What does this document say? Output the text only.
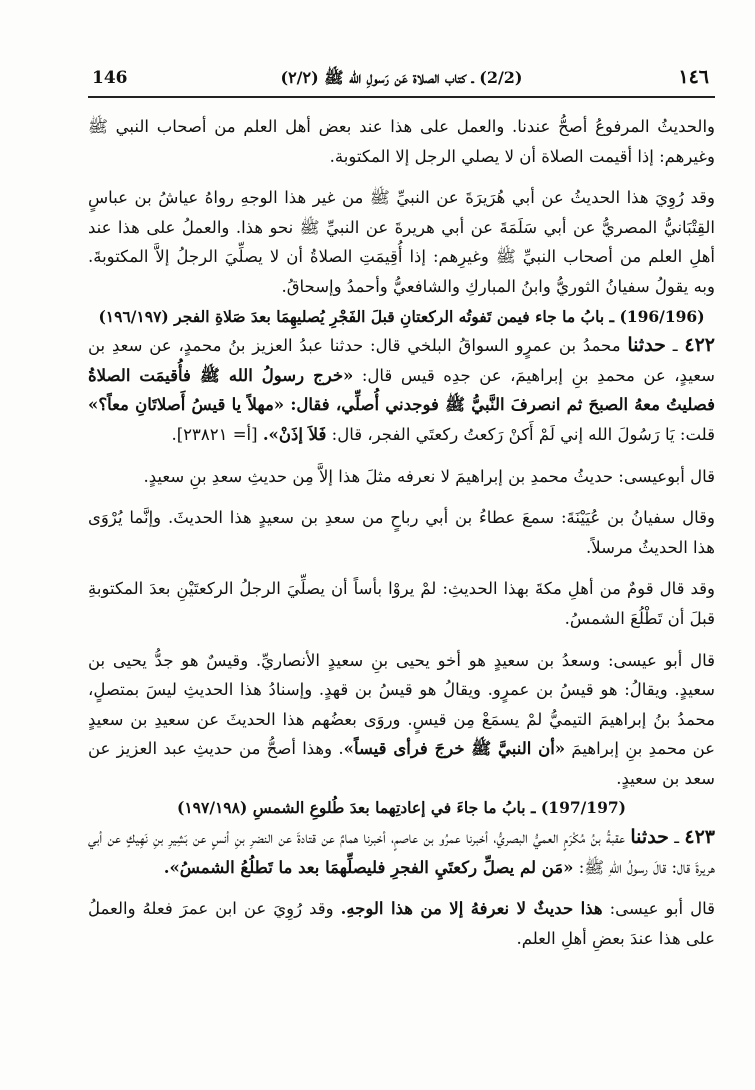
146	(2/2) ـ كتاب الصلاة عَن رَسولِ الله ﷺ (٢/٢)	١٤٦

والحديثُ المرفوعُ أصحُّ عندنا. والعمل على هذا عند بعض أهل العلم من أصحاب النبي ﷺ وغيرهم: إذا أقيمت الصلاة أن لا يصلي الرجل إلا المكتوبة.

وقد رُوِيَ هذا الحديثُ عن أبي هُرَيرَةَ عن النبيِّ ﷺ من غير هذا الوجهِ رواهُ عياشُ بن عباسٍ القِتْبَانيُّ المصريُّ عن أبي سَلَمَةَ عن أبي هريرةَ عن النبيِّ ﷺ نحو هذا. والعملُ على هذا عند أهلِ العلم من أصحاب النبيِّ ﷺ وغيرِهم: إذا أُقِيمَتِ الصلاةُ أن لا يصلِّيَ الرجلُ إلاَّ المكتوبةَ. وبه يقولُ سفيانُ الثوريُّ وابنُ المباركِ والشافعيُّ وأحمدُ وإسحاقُ.

(196/196) ـ بابُ ما جاء فيمن تَفوتُه الركعتانِ قبلَ الفَجْرِ يُصليهِمَا بعدَ صَلاةِ الفجر (١٩٦/١٩٧)

٤٢٢ ـ حدثنا محمدُ بن عمرٍو السواقُ البلخي قال: حدثنا عبدُ العزيز بنُ محمدٍ، عن سعدِ بن سعيدٍ، عن محمدِ بنِ إبراهيمَ، عن جدِه قيس قال: «خرج رسولُ الله ﷺ فأُقيمَت الصلاةُ فصليتُ معهُ الصبحَ ثم انصرفَ النَّبيُّ ﷺ فوجدني أُصلِّي، فقال: «مهلاً يا قيسُ أَصلاتَانِ معاً؟» قلت: يَا رَسُولَ الله إني لَمْ أَكنْ رَكعتُ ركعتَي الفجر، قال: فَلاَ إذَنْ». [أ= ٢٣٨٢١].

قال أبوعيسى: حديثُ محمدِ بن إبراهيمَ لا نعرفه مثلَ هذا إلاَّ مِن حديثِ سعدِ بنِ سعيدٍ.

وقال سفيانُ بن عُيَيْنَةَ: سمعَ عطاءُ بن أبي رباحٍ من سعدِ بن سعيدٍ هذا الحديثَ. وإنَّما يُرْوَى هذا الحديثُ مرسلاً.

وقد قال قومٌ من أهلِ مكةَ بهذا الحديثِ: لمْ يروْا بأساً أن يصلِّيَ الرجلُ الركعتَيْنِ بعدَ المكتوبةِ قبلَ أن تَطْلُعَ الشمسُ.

قال أبو عيسى: وسعدُ بن سعيدٍ هو أخو يحيى بنِ سعيدٍ الأنصاريِّ. وقيسٌ هو جدُّ يحيى بن سعيدٍ. ويقالُ: هو قيسُ بن عمرٍو. ويقالُ هو قيسُ بن قهدٍ. وإسنادُ هذا الحديثِ ليسَ بمتصلٍ، محمدُ بنُ إبراهيمَ التيميُّ لمْ يسمَعْ مِن قيسٍ. وروَى بعضُهم هذا الحديثَ عن سعيدِ بن سعيدٍ عن محمدِ بنِ إبراهيمَ «أن النبيَّ ﷺ خرجَ فرأى قيساً». وهذا أصحُّ من حديثِ عبد العزيز عن سعد بن سعيدٍ.

(197/197) ـ بابُ ما جاءَ في إعادتِهما بعدَ طُلوعِ الشمسِ (١٩٧/١٩٨)

٤٢٣ ـ حدثنا عقبةُ بنُ مُكْرَمٍ العميُّ البصريُّ، أخبرنا عمرُو بن عاصمٍ، أخبرنا همامٌ عن قتادةَ عن النضرِ بنِ أنسٍ عن بَشِيرِ بنِ نَهِيكٍ عن أبي هريرةَ قال: قالَ رسولُ اللهِ ﷺ: «مَن لم يصلِّ ركعتَيِ الفجرِ فليصلِّهمَا بعد ما تَطلُعُ الشمسُ».

قال أبو عيسى: هذا حديثٌ لا نعرفهُ إلا من هذا الوجهِ. وقد رُوِيَ عن ابن عمرَ فعلهُ والعملُ على هذا عندَ بعضِ أهلِ العلم.
